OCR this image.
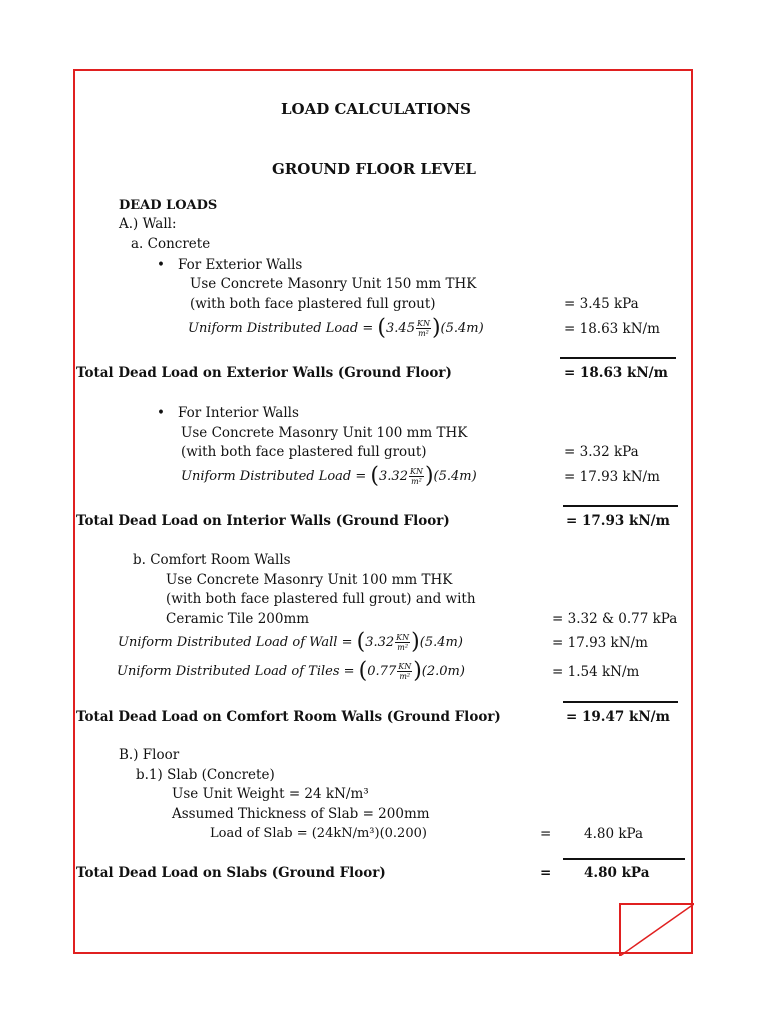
LOAD CALCULATIONS
GROUND FLOOR LEVEL
DEAD LOADS
A.) Wall:
a. Concrete
• For Exterior Walls
Use Concrete Masonry Unit 150 mm THK
(with both face plastered full grout)	= 3.45 kPa
Uniform Distributed Load = $(3.45 \frac{KN}{\text{m²}} )(5.4m)$	= 18.63 kN/m
Total Dead Load on Exterior Walls (Ground Floor)	= 18.63 kN/m
• For Interior Walls
Use Concrete Masonry Unit 100 mm THK
(with both face plastered full grout)	= 3.32 kPa
Uniform Distributed Load = $(3.32 \frac{KN}{\text{m²}} )(5.4m)$	= 17.93 kN/m
Total Dead Load on Interior Walls (Ground Floor)	= 17.93 kN/m
b. Comfort Room Walls
Use Concrete Masonry Unit 100 mm THK
(with both face plastered full grout) and with
Ceramic Tile 200mm	= 3.32 & 0.77 kPa
Uniform Distributed Load of Wall = $(3.32 \frac{KN}{\text{m²}} )(5.4m)$	= 17.93 kN/m
Uniform Distributed Load of Tiles = $(0.77 \frac{KN}{\text{m²}} )(2.0m)$	= 1.54 kN/m
Total Dead Load on Comfort Room Walls (Ground Floor)	= 19.47 kN/m
B.) Floor
b.1) Slab (Concrete)
Use Unit Weight = 24 kN/m³
Assumed Thickness of Slab = 200mm
Load of Slab = (24kN/m³)(0.200)	= 4.80 kPa
Total Dead Load on Slabs (Ground Floor)	= 4.80 kPa
